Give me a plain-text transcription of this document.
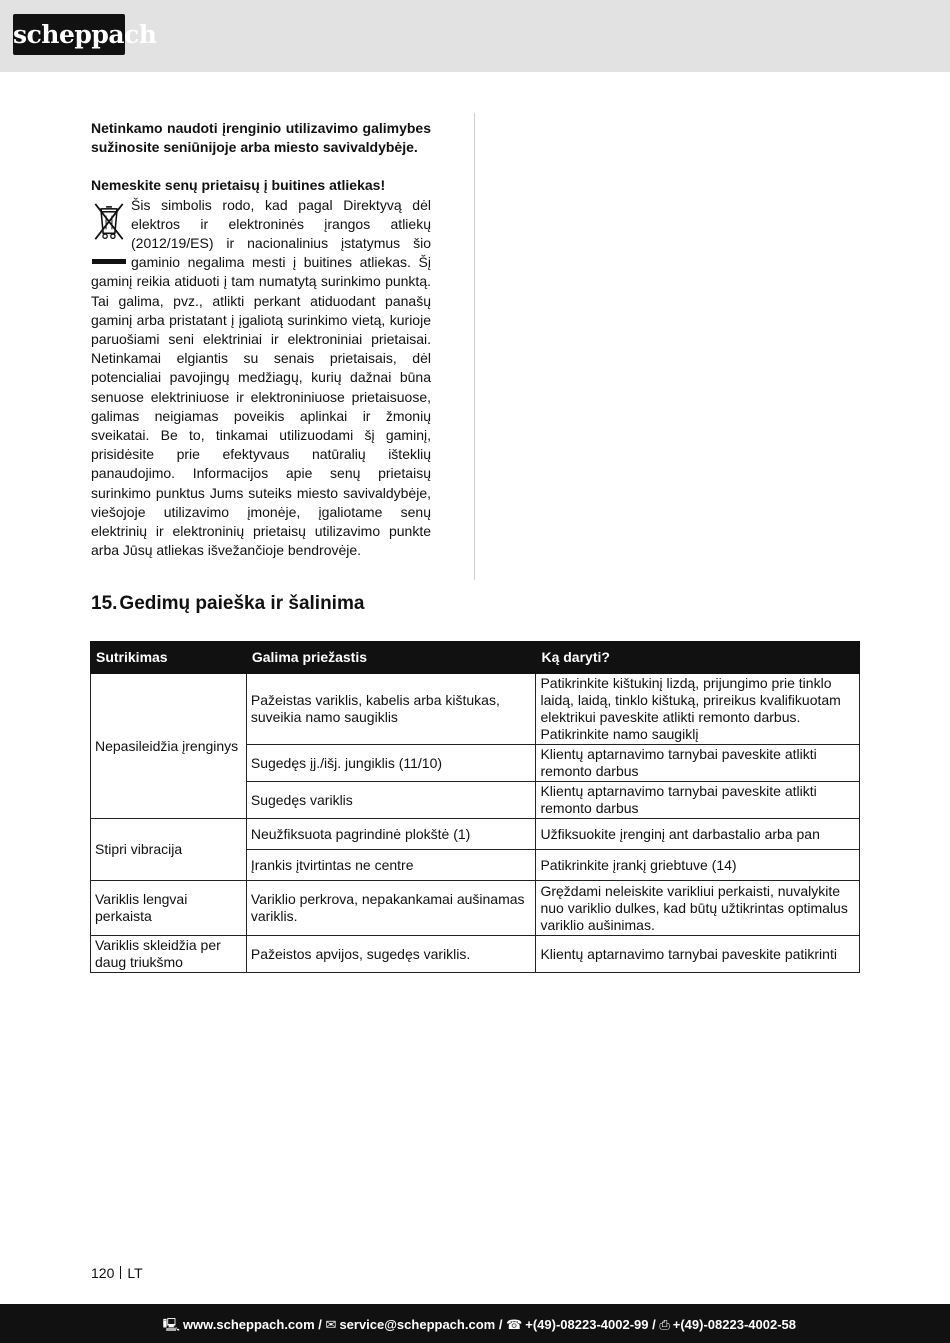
scheppach

Netinkamo naudoti įrenginio utilizavimo galimybes sužinosite seniūnijoje arba miesto savivaldybėje.

Nemeskite senų prietaisų į buitines atliekas!

Šis simbolis rodo, kad pagal Direktyvą dėl elektros ir elektroninės įrangos atliekų (2012/19/ES) ir nacionalinius įstatymus šio gaminio negalima mesti į buitines atliekas. Šį gaminį reikia atiduoti į tam numatytą surinkimo punktą. Tai galima, pvz., atlikti perkant atiduodant panašų gaminį arba pristatant į įgaliotą surinkimo vietą, kurioje paruošiami seni elektriniai ir elektroniniai prietaisai. Netinkamai elgiantis su senais prietaisais, dėl potencialiai pavojingų medžiagų, kurių dažnai būna senuose elektriniuose ir elektroniniuose prietaisuose, galimas neigiamas poveikis aplinkai ir žmonių sveikatai. Be to, tinkamai utilizuodami šį gaminį, prisidėsite prie efektyvaus natūralių išteklių panaudojimo. Informacijos apie senų prietaisų surinkimo punktus Jums suteiks miesto savivaldybėje, viešojoje utilizavimo įmonėje, įgaliotame senų elektrinių ir elektroninių prietaisų utilizavimo punkte arba Jūsų atliekas išvežančioje bendrovėje.

15. Gedimų paieška ir šalinima
Sutrikimas	Galima priežastis	Ką daryti?
Nepasileidžia įrenginys	Pažeistas variklis, kabelis arba kištukas, suveikia namo saugiklis	Patikrinkite kištukinį lizdą, prijungimo prie tinklo laidą, laidą, tinklo kištuką, prireikus kvalifikuotam elektrikui paveskite atlikti remonto darbus. Patikrinkite namo saugiklį
	Sugedęs įj./išj. jungiklis (11/10)	Klientų aptarnavimo tarnybai paveskite atlikti remonto darbus
	Sugedęs variklis	Klientų aptarnavimo tarnybai paveskite atlikti remonto darbus
Stipri vibracija	Neužfiksuota pagrindinė plokštė (1)	Užfiksuokite įrenginį ant darbastalio arba pan
	Įrankis įtvirtintas ne centre	Patikrinkite įrankį griebtuve (14)
Variklis lengvai perkaista	Variklio perkrova, nepakankamai aušinamas variklis.	Gręždami neleiskite varikliui perkaisti, nuvalykite nuo variklio dulkes, kad būtų užtikrintas optimalus variklio aušinimas.
Variklis skleidžia per daug triukšmo	Pažeistos apvijos, sugedęs variklis.	Klientų aptarnavimo tarnybai paveskite patikrinti
120 LT
🖳 www.scheppach.com / ✉ service@scheppach.com / ☎ +(49)-08223-4002-99 / ⎙ +(49)-08223-4002-58
